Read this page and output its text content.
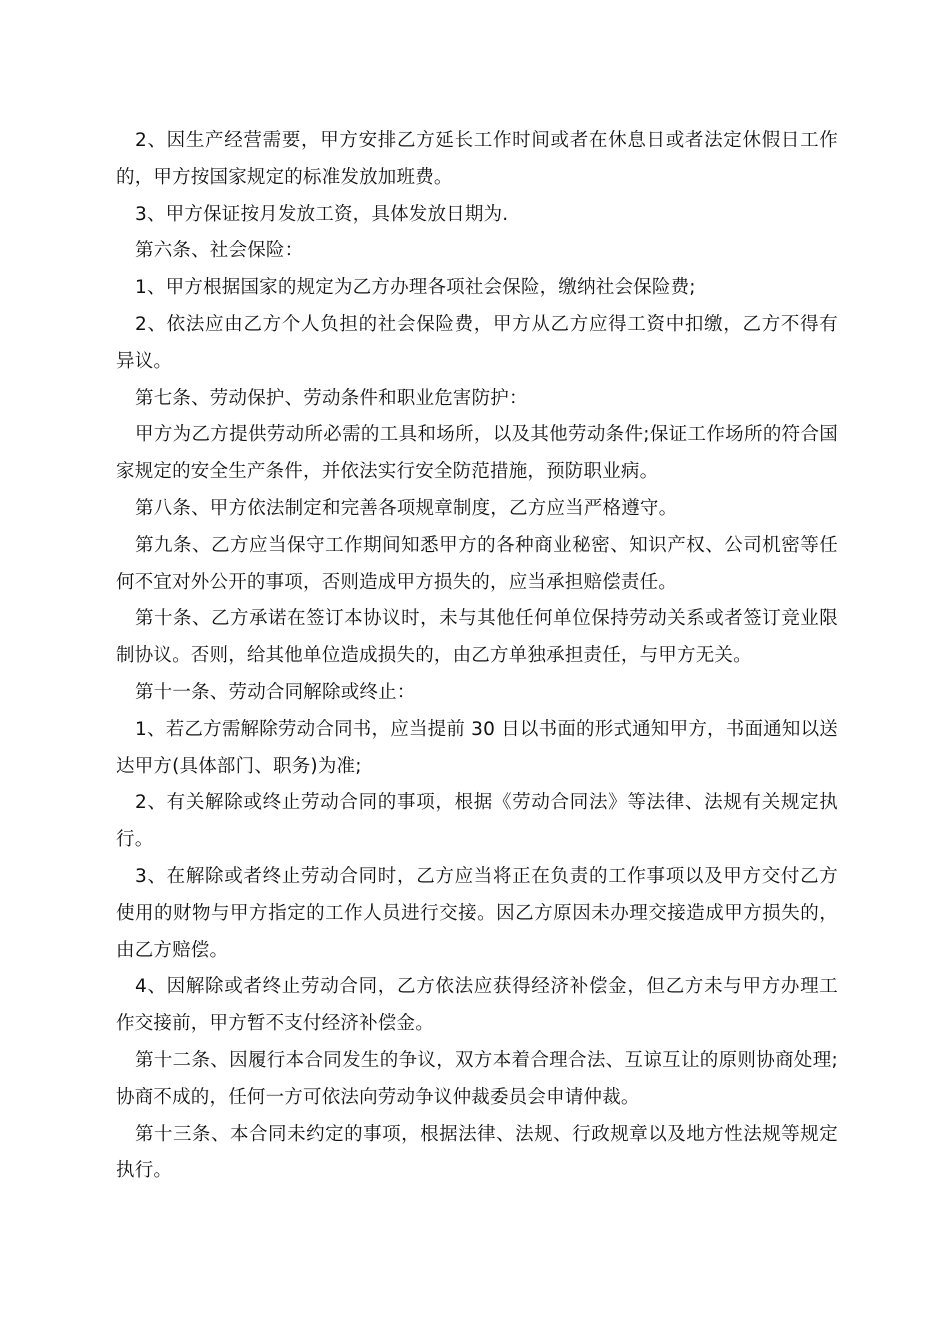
2、因生产经营需要，甲方安排乙方延长工作时间或者在休息日或者法定休假日工作的，甲方按国家规定的标准发放加班费。

3、甲方保证按月发放工资，具体发放日期为.

第六条、社会保险：

1、甲方根据国家的规定为乙方办理各项社会保险，缴纳社会保险费;

2、依法应由乙方个人负担的社会保险费，甲方从乙方应得工资中扣缴，乙方不得有异议。

第七条、劳动保护、劳动条件和职业危害防护：

甲方为乙方提供劳动所必需的工具和场所，以及其他劳动条件;保证工作场所的符合国家规定的安全生产条件，并依法实行安全防范措施，预防职业病。

第八条、甲方依法制定和完善各项规章制度，乙方应当严格遵守。

第九条、乙方应当保守工作期间知悉甲方的各种商业秘密、知识产权、公司机密等任何不宜对外公开的事项，否则造成甲方损失的，应当承担赔偿责任。

第十条、乙方承诺在签订本协议时，未与其他任何单位保持劳动关系或者签订竞业限制协议。否则，给其他单位造成损失的，由乙方单独承担责任，与甲方无关。

第十一条、劳动合同解除或终止：

1、若乙方需解除劳动合同书，应当提前 30 日以书面的形式通知甲方，书面通知以送达甲方(具体部门、职务)为准;

2、有关解除或终止劳动合同的事项，根据《劳动合同法》等法律、法规有关规定执行。

3、在解除或者终止劳动合同时，乙方应当将正在负责的工作事项以及甲方交付乙方使用的财物与甲方指定的工作人员进行交接。因乙方原因未办理交接造成甲方损失的，由乙方赔偿。

4、因解除或者终止劳动合同，乙方依法应获得经济补偿金，但乙方未与甲方办理工作交接前，甲方暂不支付经济补偿金。

第十二条、因履行本合同发生的争议，双方本着合理合法、互谅互让的原则协商处理;协商不成的，任何一方可依法向劳动争议仲裁委员会申请仲裁。

第十三条、本合同未约定的事项，根据法律、法规、行政规章以及地方性法规等规定执行。
